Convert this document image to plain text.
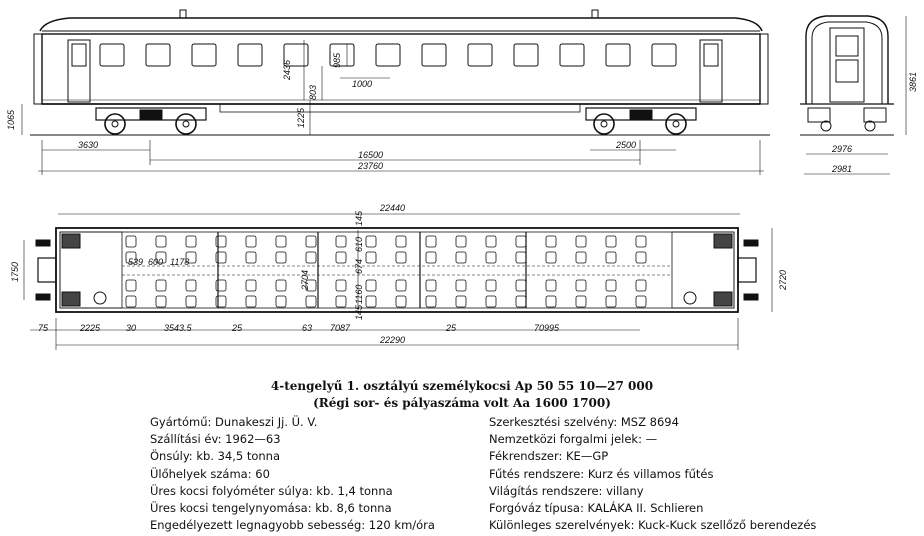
2436	985
803
1000
1225
1065
3630	2500
16500
23760
3861
2976
2981
22440
2720
1750	539 600 1178
145
145
2704
1160
674
610
75	2225	30	3543.5	25	63 7087	25	70995
22290
4-tengelyű 1. osztályú személykocsi Ap 50 55 10—27 000
(Régi sor- és pályaszáma volt Aa 1600 1700)
Gyártómű: Dunakeszi Jj. Ü. V.
Szállítási év: 1962—63
Önsúly: kb. 34,5 tonna
Ülőhelyek száma: 60
Üres kocsi folyóméter súlya: kb. 1,4 tonna
Üres kocsi tengelynyomása: kb. 8,6 tonna
Engedélyezett legnagyobb sebesség: 120 km/óra
Szerkesztési szelvény: MSZ 8694
Nemzetközi forgalmi jelek: —
Fékrendszer: KE—GP
Fűtés rendszere: Kurz és villamos fűtés
Világítás rendszere: villany
Forgóváz típusa: KALÁKA II. Schlieren
Különleges szerelvények: Kuck-Kuck szellőző berendezés
